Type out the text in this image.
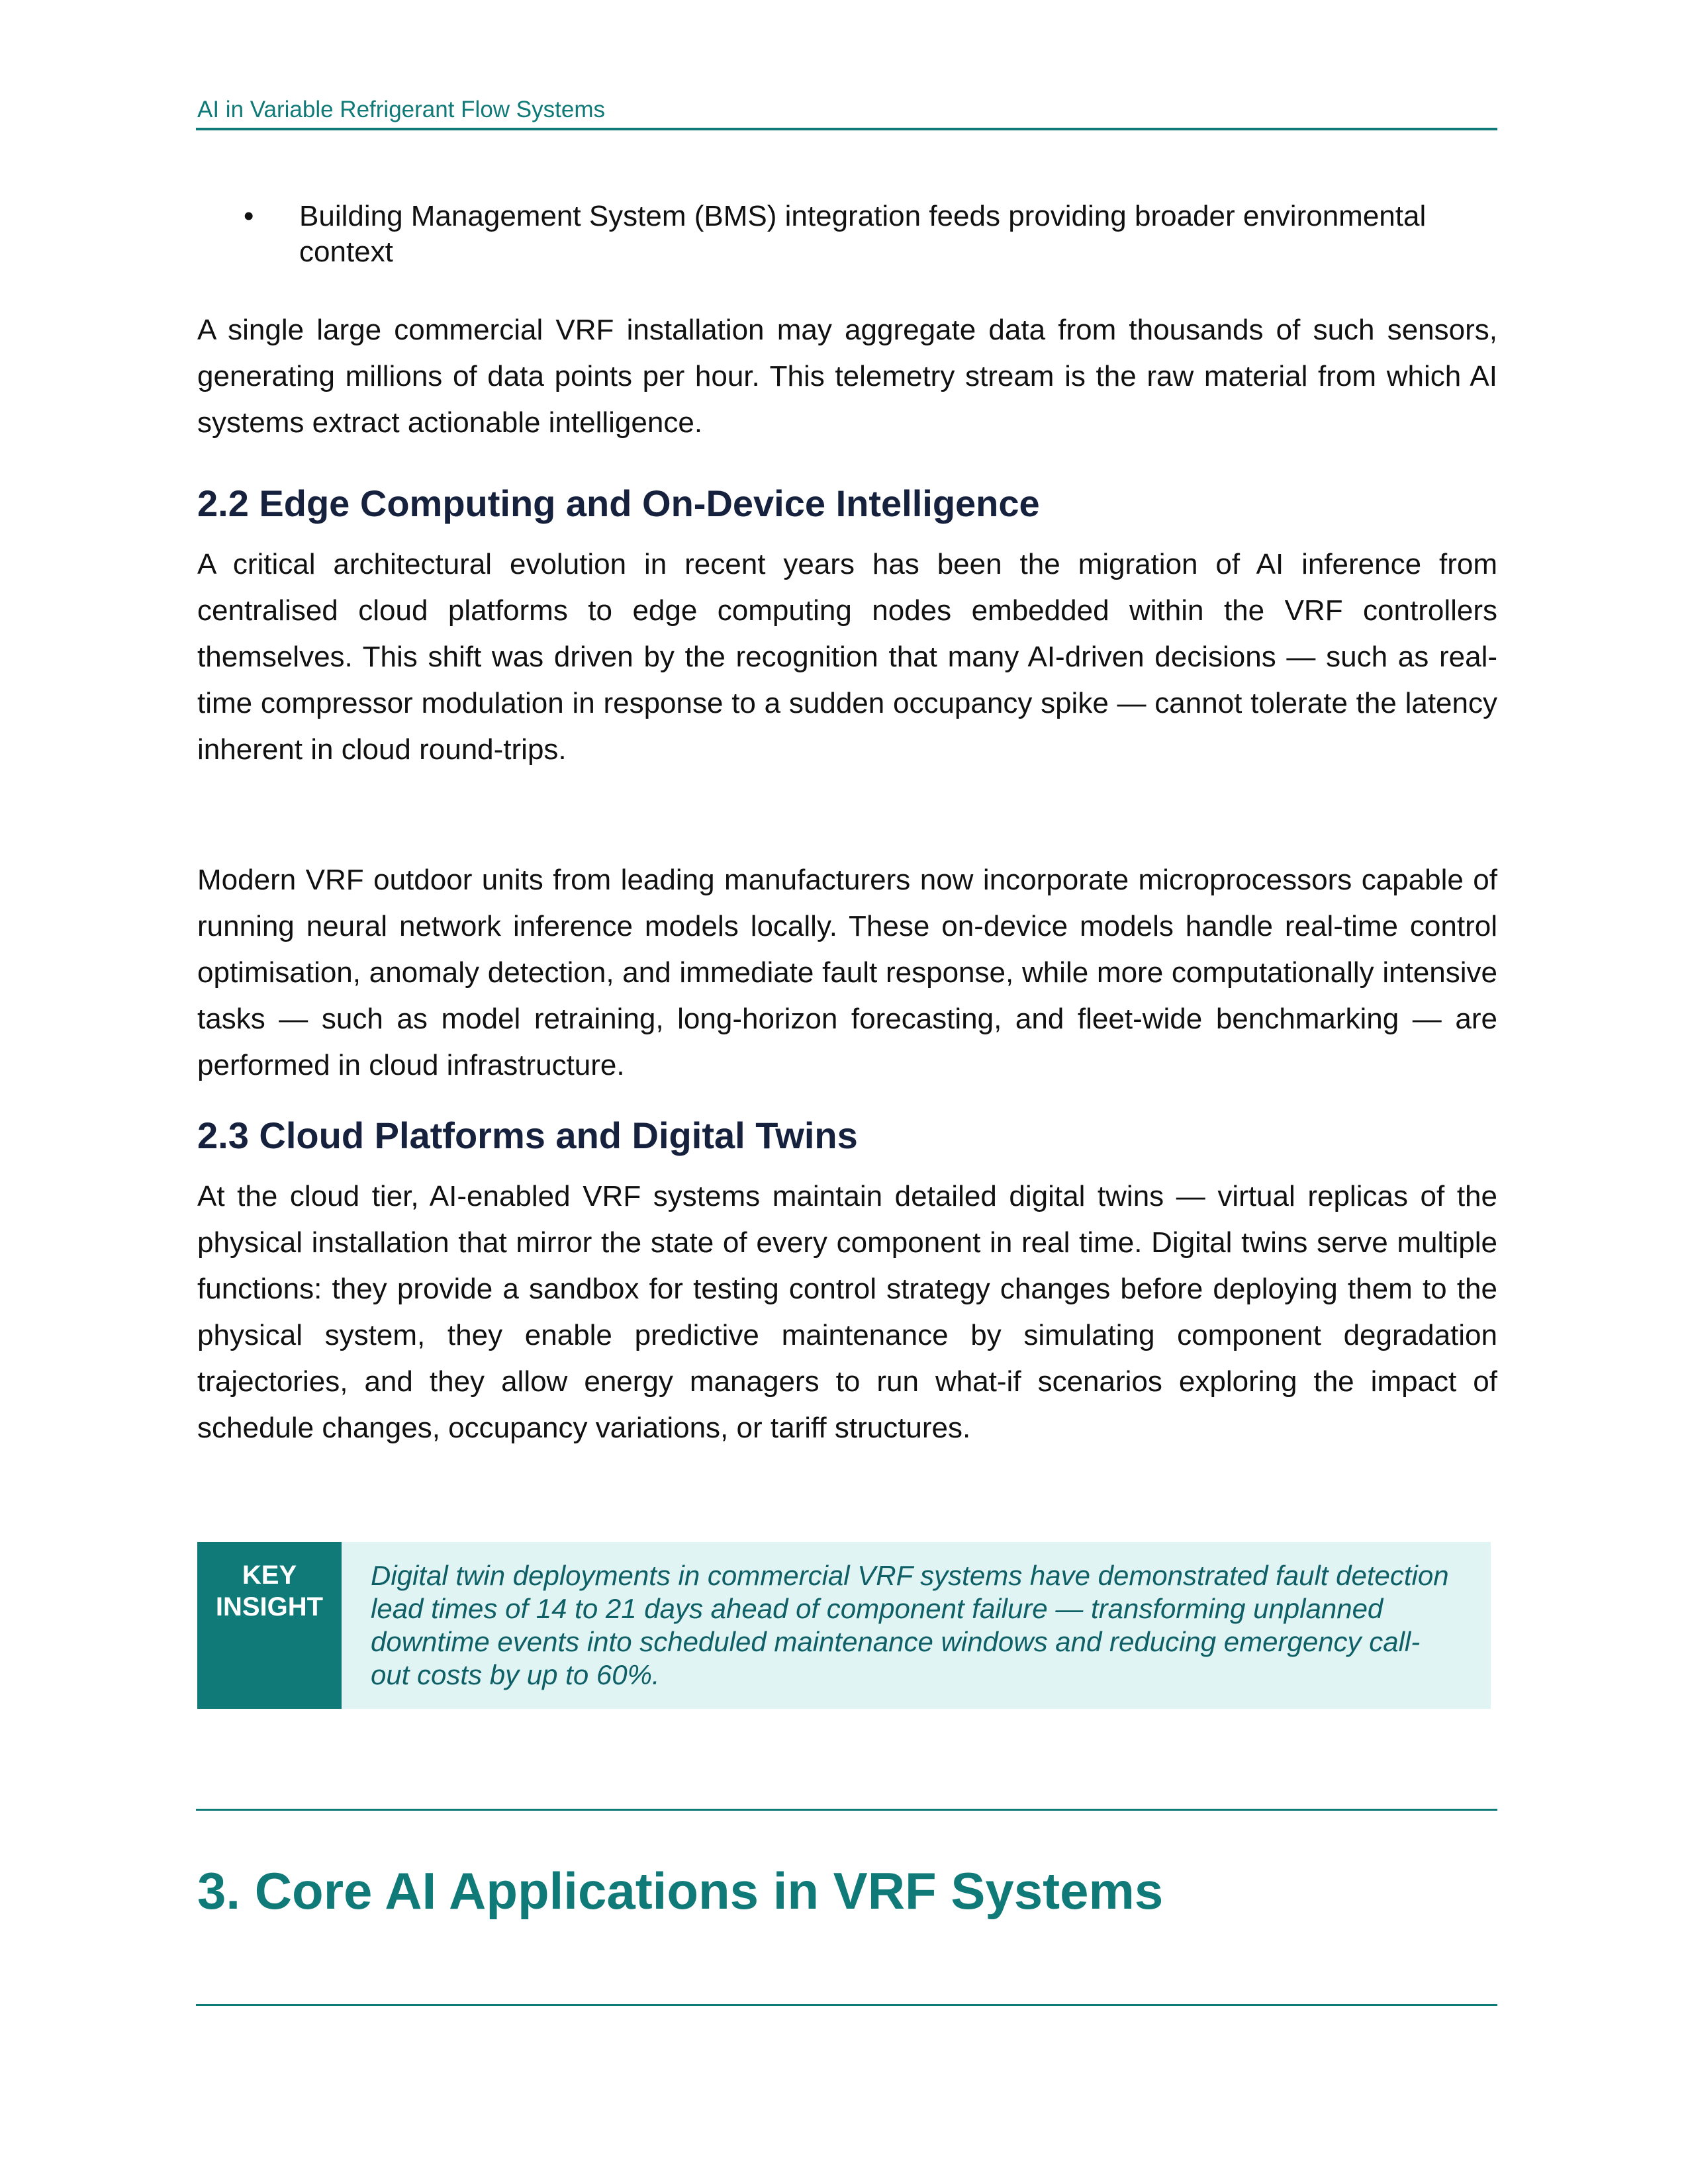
AI in Variable Refrigerant Flow Systems
• Building Management System (BMS) integration feeds providing broader environmental context

A single large commercial VRF installation may aggregate data from thousands of such sensors, generating millions of data points per hour. This telemetry stream is the raw material from which AI systems extract actionable intelligence.

2.2 Edge Computing and On-Device Intelligence

A critical architectural evolution in recent years has been the migration of AI inference from centralised cloud platforms to edge computing nodes embedded within the VRF controllers themselves. This shift was driven by the recognition that many AI-driven decisions — such as real-time compressor modulation in response to a sudden occupancy spike — cannot tolerate the latency inherent in cloud round-trips.

Modern VRF outdoor units from leading manufacturers now incorporate microprocessors capable of running neural network inference models locally. These on-device models handle real-time control optimisation, anomaly detection, and immediate fault response, while more computationally intensive tasks — such as model retraining, long-horizon forecasting, and fleet-wide benchmarking — are performed in cloud infrastructure.

2.3 Cloud Platforms and Digital Twins

At the cloud tier, AI-enabled VRF systems maintain detailed digital twins — virtual replicas of the physical installation that mirror the state of every component in real time. Digital twins serve multiple functions: they provide a sandbox for testing control strategy changes before deploying them to the physical system, they enable predictive maintenance by simulating component degradation trajectories, and they allow energy managers to run what-if scenarios exploring the impact of schedule changes, occupancy variations, or tariff structures.

KEY
INSIGHT

Digital twin deployments in commercial VRF systems have demonstrated fault detection lead times of 14 to 21 days ahead of component failure — transforming unplanned downtime events into scheduled maintenance windows and reducing emergency call-out costs by up to 60%.

3. Core AI Applications in VRF Systems
